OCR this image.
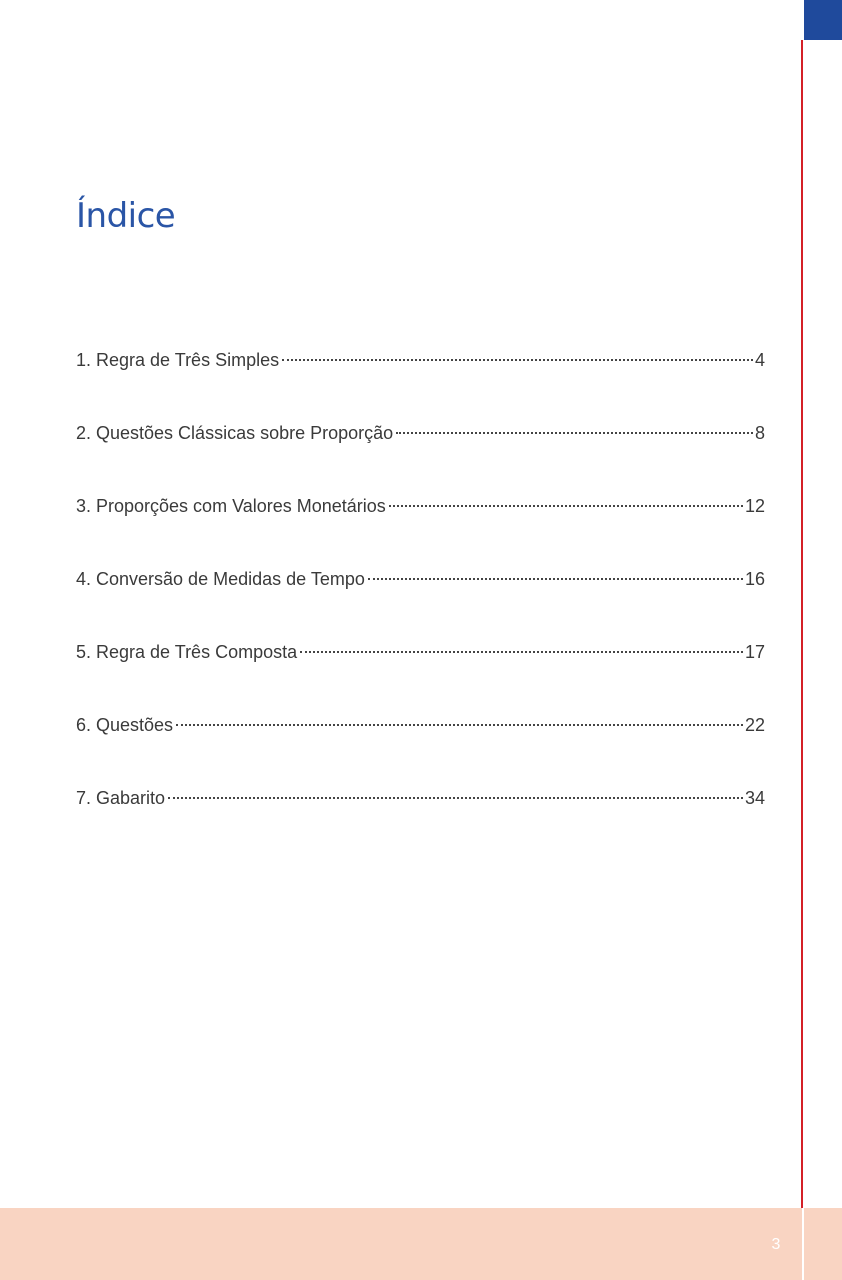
Índice
1. Regra de Três Simples	4
2. Questões Clássicas sobre Proporção	8
3. Proporções com Valores Monetários	12
4. Conversão de Medidas de Tempo	16
5. Regra de Três Composta	17
6. Questões	22
7. Gabarito	34
3
